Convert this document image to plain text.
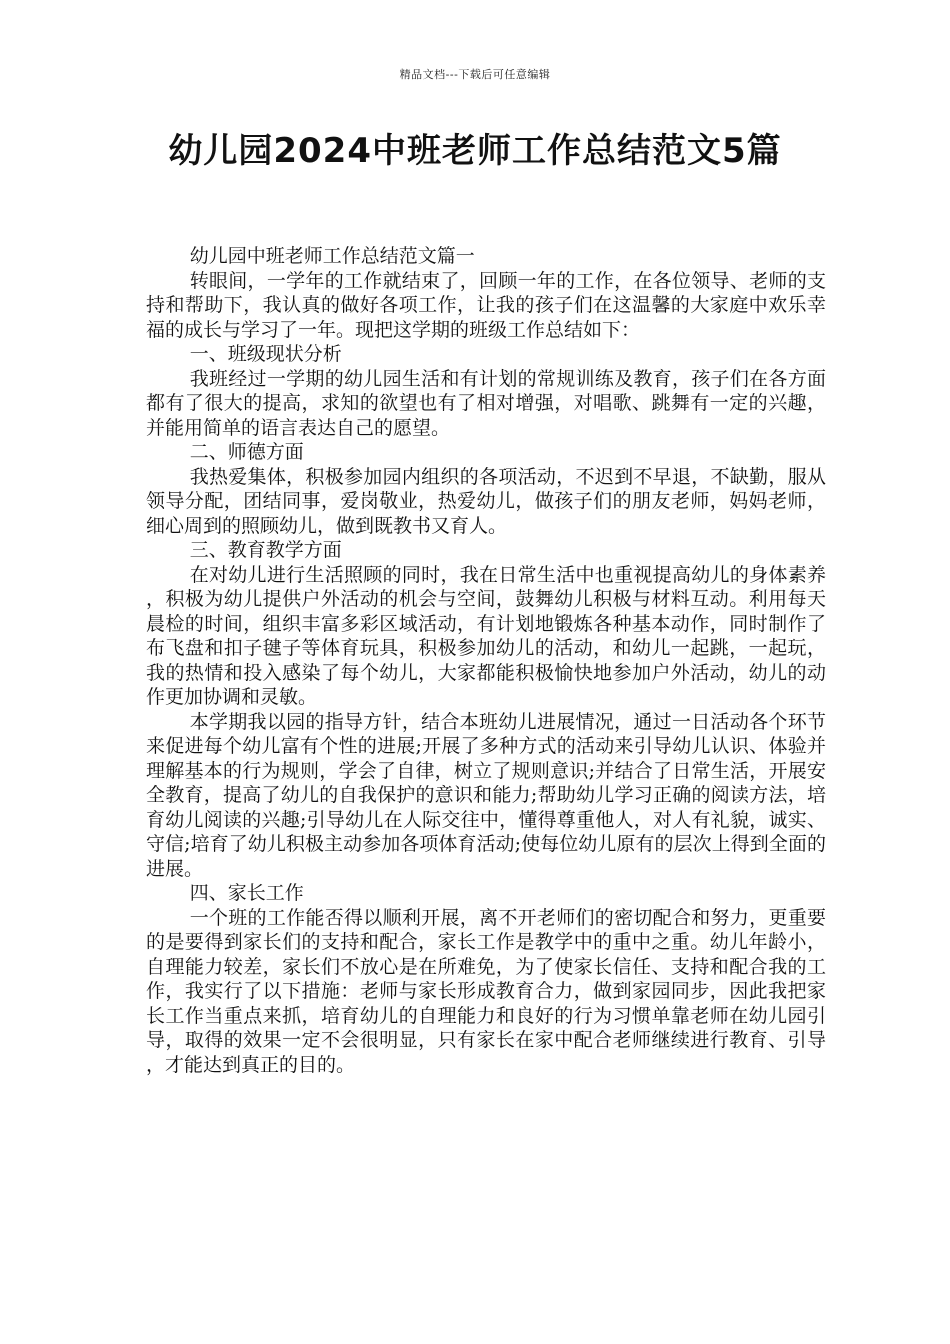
精品文档---下载后可任意编辑
幼儿园2024中班老师工作总结范文5篇

幼儿园中班老师工作总结范文篇一

转眼间，一学年的工作就结束了，回顾一年的工作，在各位领导、老师的支持和帮助下，我认真的做好各项工作，让我的孩子们在这温馨的大家庭中欢乐幸福的成长与学习了一年。现把这学期的班级工作总结如下：

一、班级现状分析

我班经过一学期的幼儿园生活和有计划的常规训练及教育，孩子们在各方面都有了很大的提高，求知的欲望也有了相对增强，对唱歌、跳舞有一定的兴趣，并能用简单的语言表达自己的愿望。

二、师德方面

我热爱集体，积极参加园内组织的各项活动，不迟到不早退，不缺勤，服从领导分配，团结同事，爱岗敬业，热爱幼儿，做孩子们的朋友老师，妈妈老师，细心周到的照顾幼儿，做到既教书又育人。

三、教育教学方面

在对幼儿进行生活照顾的同时，我在日常生活中也重视提高幼儿的身体素养，积极为幼儿提供户外活动的机会与空间，鼓舞幼儿积极与材料互动。利用每天晨检的时间，组织丰富多彩区域活动，有计划地锻炼各种基本动作，同时制作了布飞盘和扣子毽子等体育玩具，积极参加幼儿的活动，和幼儿一起跳，一起玩，我的热情和投入感染了每个幼儿，大家都能积极愉快地参加户外活动，幼儿的动作更加协调和灵敏。

本学期我以园的指导方针，结合本班幼儿进展情况，通过一日活动各个环节来促进每个幼儿富有个性的进展;开展了多种方式的活动来引导幼儿认识、体验并理解基本的行为规则，学会了自律，树立了规则意识;并结合了日常生活，开展安全教育，提高了幼儿的自我保护的意识和能力;帮助幼儿学习正确的阅读方法，培育幼儿阅读的兴趣;引导幼儿在人际交往中，懂得尊重他人，对人有礼貌，诚实、守信;培育了幼儿积极主动参加各项体育活动;使每位幼儿原有的层次上得到全面的进展。

四、家长工作

一个班的工作能否得以顺利开展，离不开老师们的密切配合和努力，更重要的是要得到家长们的支持和配合，家长工作是教学中的重中之重。幼儿年龄小，自理能力较差，家长们不放心是在所难免，为了使家长信任、支持和配合我的工作，我实行了以下措施：老师与家长形成教育合力，做到家园同步，因此我把家长工作当重点来抓，培育幼儿的自理能力和良好的行为习惯单靠老师在幼儿园引导，取得的效果一定不会很明显，只有家长在家中配合老师继续进行教育、引导，才能达到真正的目的。
